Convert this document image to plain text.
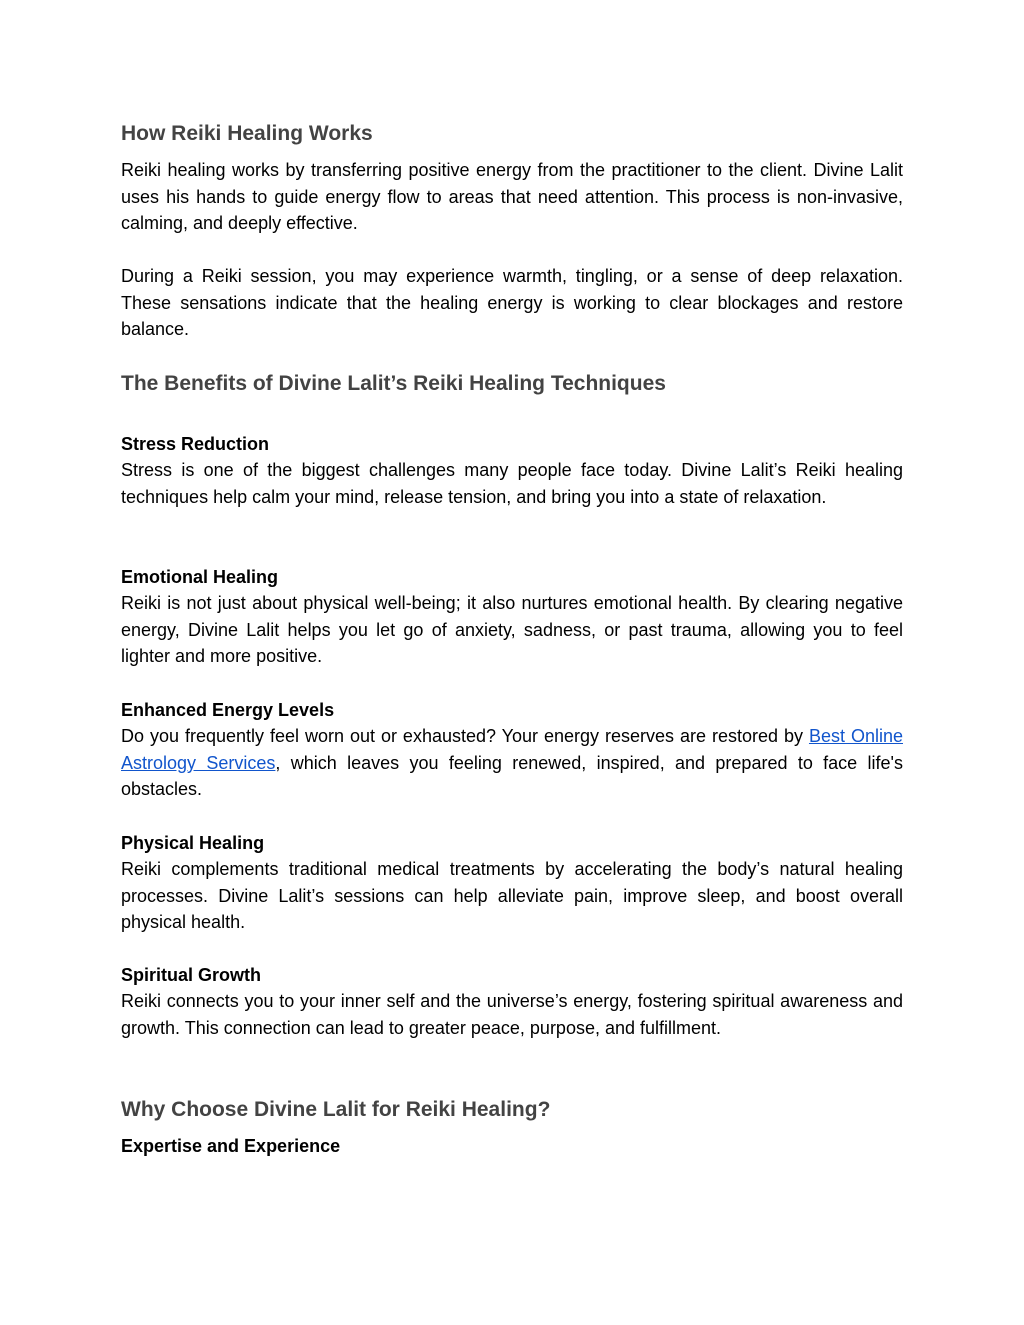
How Reiki Healing Works

Reiki healing works by transferring positive energy from the practitioner to the client. Divine Lalit uses his hands to guide energy flow to areas that need attention. This process is non-invasive, calming, and deeply effective.

During a Reiki session, you may experience warmth, tingling, or a sense of deep relaxation. These sensations indicate that the healing energy is working to clear blockages and restore balance.

The Benefits of Divine Lalit’s Reiki Healing Techniques
Stress Reduction

Stress is one of the biggest challenges many people face today. Divine Lalit’s Reiki healing techniques help calm your mind, release tension, and bring you into a state of relaxation.

Emotional Healing

Reiki is not just about physical well-being; it also nurtures emotional health. By clearing negative energy, Divine Lalit helps you let go of anxiety, sadness, or past trauma, allowing you to feel lighter and more positive.

Enhanced Energy Levels

Do you frequently feel worn out or exhausted? Your energy reserves are restored by Best Online Astrology Services, which leaves you feeling renewed, inspired, and prepared to face life's obstacles.

Physical Healing

Reiki complements traditional medical treatments by accelerating the body’s natural healing processes. Divine Lalit’s sessions can help alleviate pain, improve sleep, and boost overall physical health.

Spiritual Growth

Reiki connects you to your inner self and the universe’s energy, fostering spiritual awareness and growth. This connection can lead to greater peace, purpose, and fulfillment.

Why Choose Divine Lalit for Reiki Healing?
Expertise and Experience
